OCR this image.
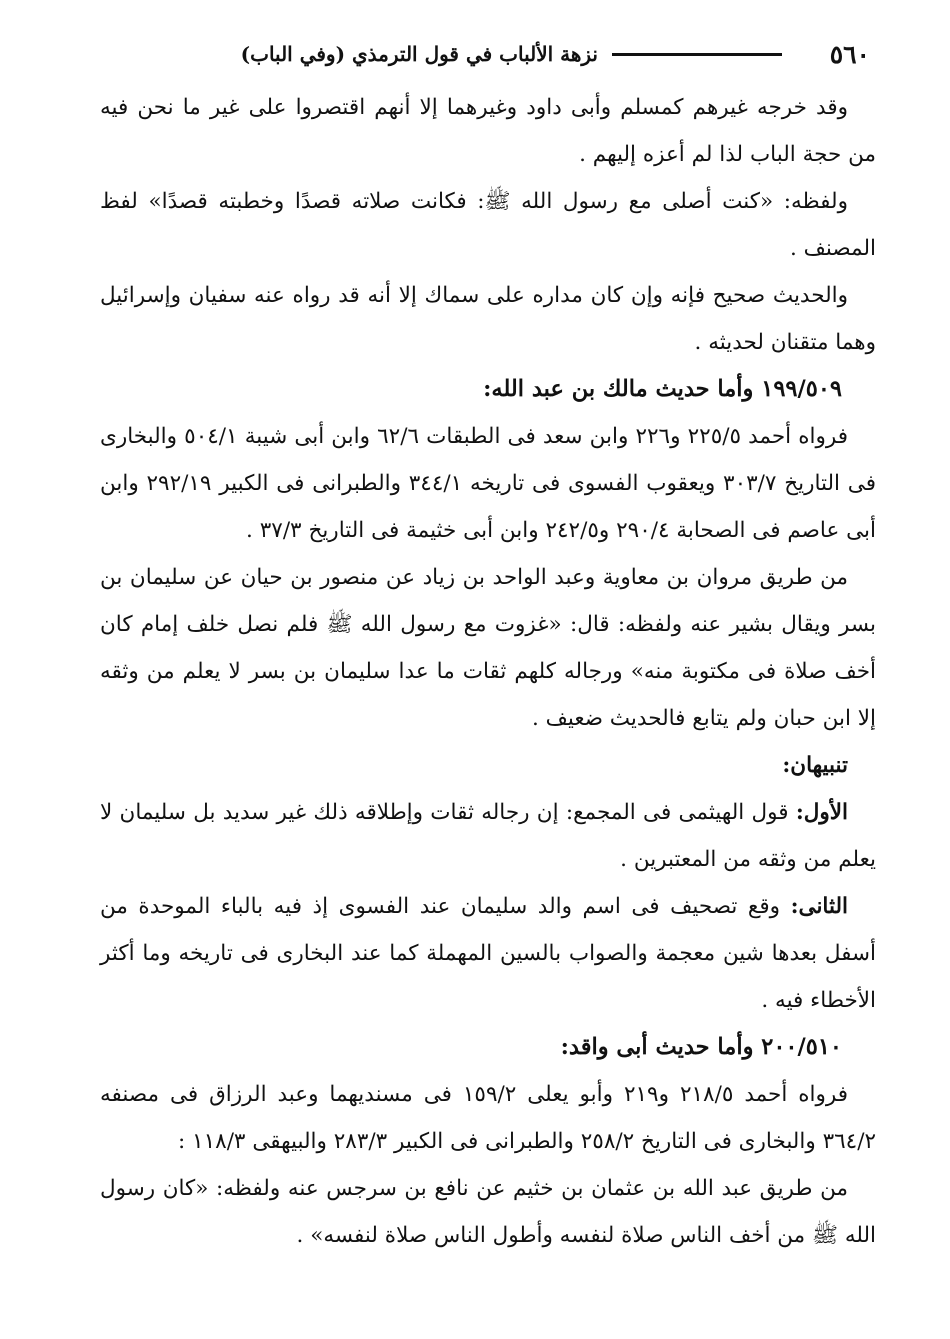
٥٦٠
نزهة الألباب في قول الترمذي (وفي الباب)

وقد خرجه غيرهم كمسلم وأبى داود وغيرهما إلا أنهم اقتصروا على غير ما نحن فيه من حجة الباب لذا لم أعزه إليهم .

ولفظه: «كنت أصلى مع رسول الله ﷺ: فكانت صلاته قصدًا وخطبته قصدًا» لفظ المصنف .

والحديث صحيح فإنه وإن كان مداره على سماك إلا أنه قد رواه عنه سفيان وإسرائيل وهما متقنان لحديثه .

١٩٩/٥٠٩ وأما حديث مالك بن عبد الله:

فرواه أحمد ٢٢٥/٥ و٢٢٦ وابن سعد فى الطبقات ٦٢/٦ وابن أبى شيبة ٥٠٤/١ والبخارى فى التاريخ ٣٠٣/٧ ويعقوب الفسوى فى تاريخه ٣٤٤/١ والطبرانى فى الكبير ٢٩٢/١٩ وابن أبى عاصم فى الصحابة ٢٩٠/٤ و٢٤٢/٥ وابن أبى خثيمة فى التاريخ ٣٧/٣ .

من طريق مروان بن معاوية وعبد الواحد بن زياد عن منصور بن حيان عن سليمان بن بسر ويقال بشير عنه ولفظه: قال: «غزوت مع رسول الله ﷺ فلم نصل خلف إمام كان أخف صلاة فى مكتوبة منه» ورجاله كلهم ثقات ما عدا سليمان بن بسر لا يعلم من وثقه إلا ابن حبان ولم يتابع فالحديث ضعيف .

تنبيهان:

الأول: قول الهيثمى فى المجمع: إن رجاله ثقات وإطلاقه ذلك غير سديد بل سليمان لا يعلم من وثقه من المعتبرين .

الثانى: وقع تصحيف فى اسم والد سليمان عند الفسوى إذ فيه بالباء الموحدة من أسفل بعدها شين معجمة والصواب بالسين المهملة كما عند البخارى فى تاريخه وما أكثر الأخطاء فيه .

٢٠٠/٥١٠ وأما حديث أبى واقد:

فرواه أحمد ٢١٨/٥ و٢١٩ وأبو يعلى ١٥٩/٢ فى مسنديهما وعبد الرزاق فى مصنفه ٣٦٤/٢ والبخارى فى التاريخ ٢٥٨/٢ والطبرانى فى الكبير ٢٨٣/٣ والبيهقى ١١٨/٣ :

من طريق عبد الله بن عثمان بن خثيم عن نافع بن سرجس عنه ولفظه: «كان رسول الله ﷺ من أخف الناس صلاة لنفسه وأطول الناس صلاة لنفسه» .
